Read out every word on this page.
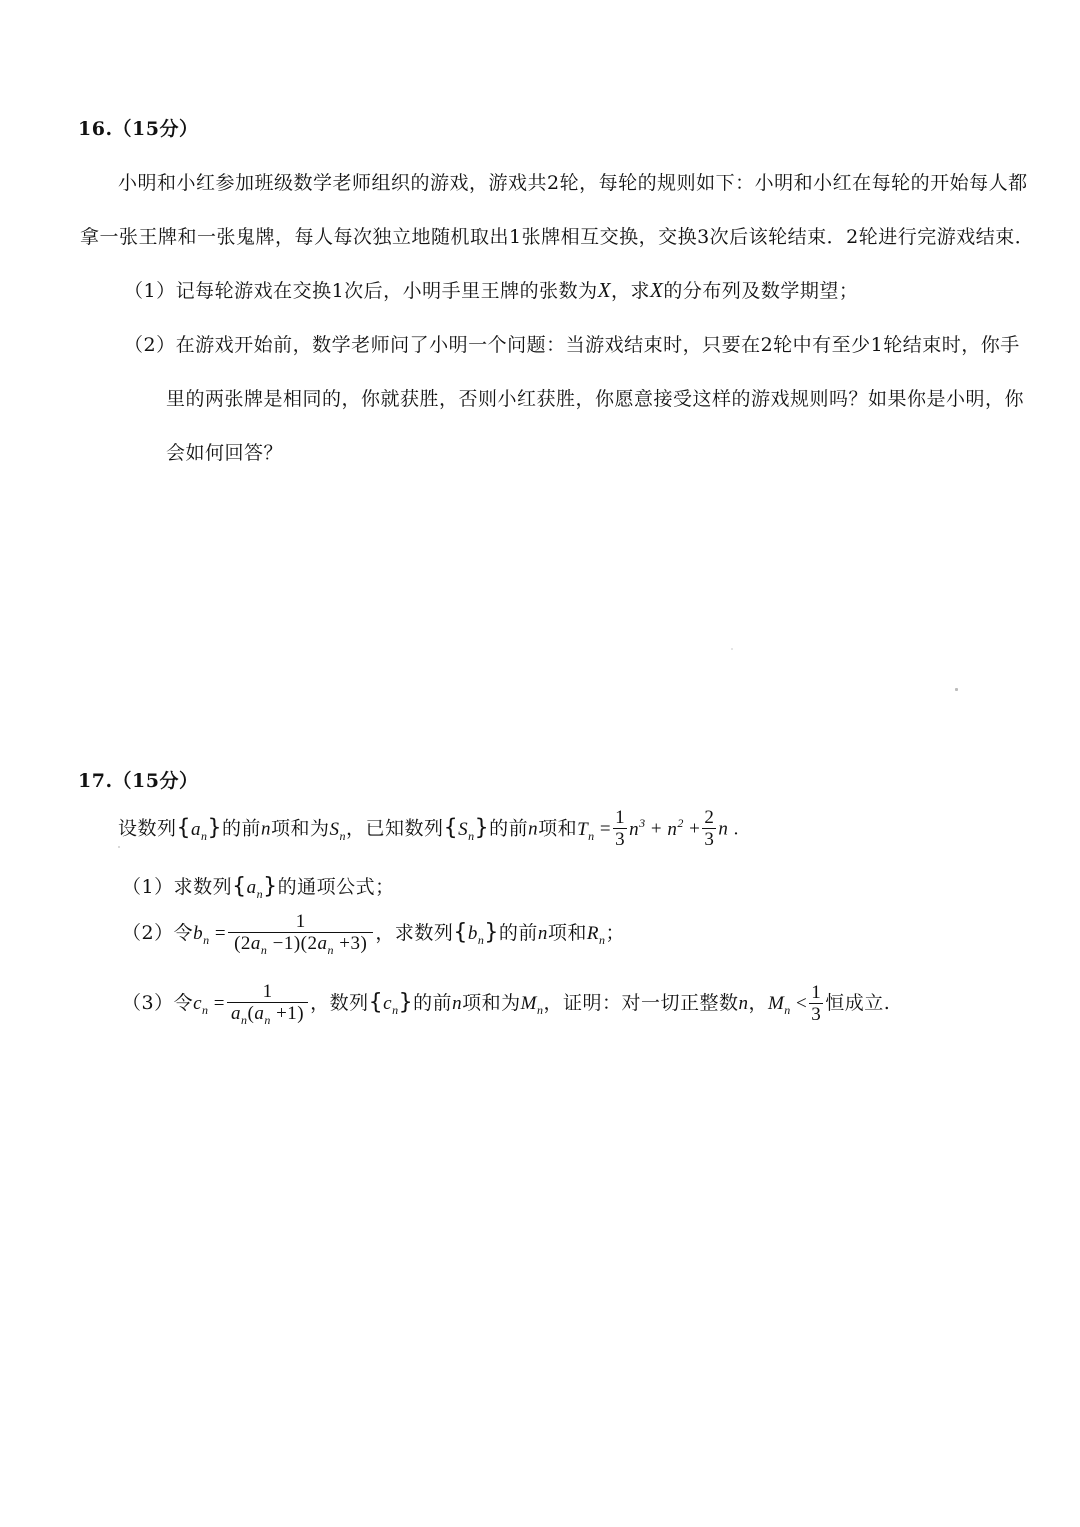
16.（15分）
小明和小红参加班级数学老师组织的游戏，游戏共2轮，每轮的规则如下：小明和小红在每轮的开始每人都
拿一张王牌和一张鬼牌，每人每次独立地随机取出1张牌相互交换，交换3次后该轮结束．2轮进行完游戏结束．
（1）记每轮游戏在交换1次后，小明手里王牌的张数为X，求X的分布列及数学期望；
（2）在游戏开始前，数学老师问了小明一个问题：当游戏结束时，只要在2轮中有至少1轮结束时，你手
里的两张牌是相同的，你就获胜，否则小红获胜，你愿意接受这样的游戏规则吗？如果你是小明，你
会如何回答？
17.（15分）
设数列$\{a_n\}$的前n项和为$S_n$，已知数列$\{S_n\}$的前n项和$T_n = \frac{1}{3} n^3 + n^2 + \frac{2}{3}$ n .
（1）求数列$\{a_n\}$的通项公式；
（2）令$b_n = \frac{1}{(2a_n -1)(2a_n +3)}$ ，求数列$\{b_n\}$的前n项和$R_n$；
（3）令$c_n = \frac{1}{a_n(a_n +1)}$ ，数列$\{c_n\}$的前n项和为$M_n$，证明：对一切正整数n，$M_n < \frac{1}{3}$ 恒成立.
